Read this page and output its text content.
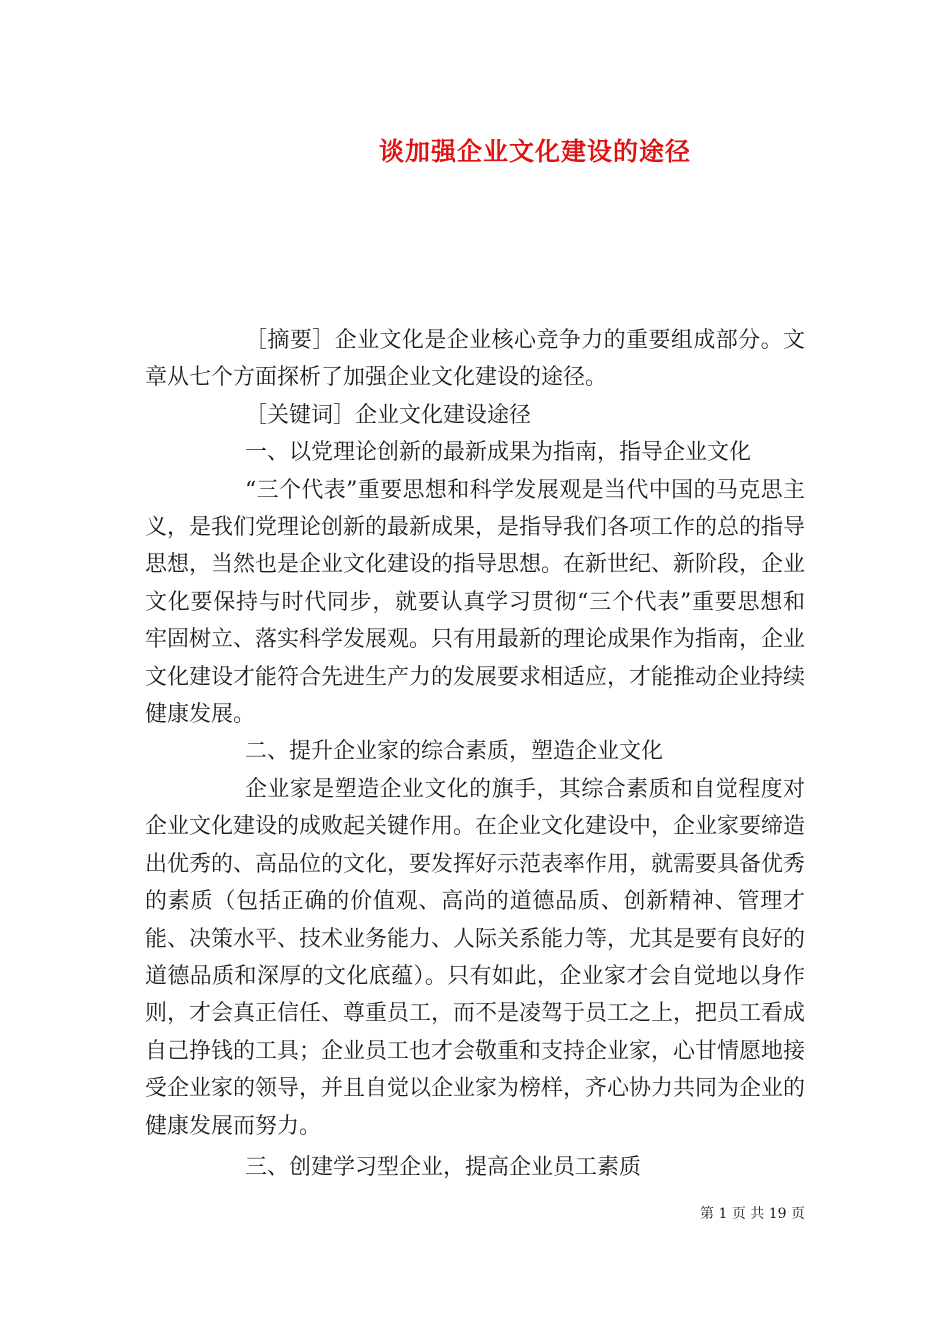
谈加强企业文化建设的途径

［摘要］企业文化是企业核心竞争力的重要组成部分。文章从七个方面探析了加强企业文化建设的途径。

［关键词］企业文化建设途径

一、以党理论创新的最新成果为指南，指导企业文化

“三个代表”重要思想和科学发展观是当代中国的马克思主义，是我们党理论创新的最新成果，是指导我们各项工作的总的指导思想，当然也是企业文化建设的指导思想。在新世纪、新阶段，企业文化要保持与时代同步，就要认真学习贯彻“三个代表”重要思想和牢固树立、落实科学发展观。只有用最新的理论成果作为指南，企业文化建设才能符合先进生产力的发展要求相适应，才能推动企业持续健康发展。

二、提升企业家的综合素质，塑造企业文化

企业家是塑造企业文化的旗手，其综合素质和自觉程度对企业文化建设的成败起关键作用。在企业文化建设中，企业家要缔造出优秀的、高品位的文化，要发挥好示范表率作用，就需要具备优秀的素质（包括正确的价值观、高尚的道德品质、创新精神、管理才能、决策水平、技术业务能力、人际关系能力等，尤其是要有良好的道德品质和深厚的文化底蕴）。只有如此，企业家才会自觉地以身作则，才会真正信任、尊重员工，而不是凌驾于员工之上，把员工看成自己挣钱的工具；企业员工也才会敬重和支持企业家，心甘情愿地接受企业家的领导，并且自觉以企业家为榜样，齐心协力共同为企业的健康发展而努力。

三、创建学习型企业，提高企业员工素质

第 1 页 共 19 页
